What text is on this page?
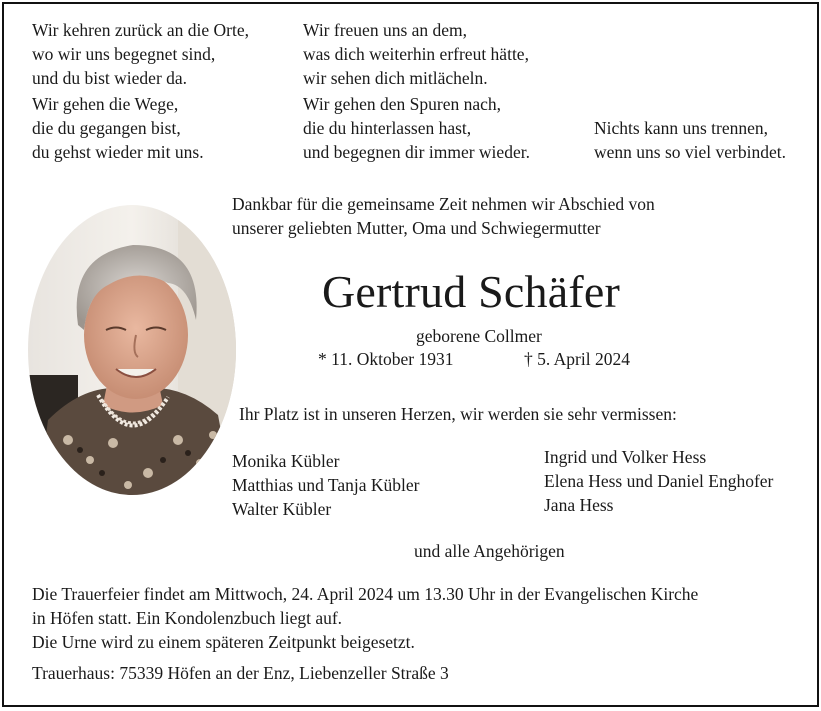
Wir kehren zurück an die Orte,
wo wir uns begegnet sind,
und du bist wieder da.
Wir freuen uns an dem,
was dich weiterhin erfreut hätte,
wir sehen dich mitlächeln.
Wir gehen die Wege,
die du gegangen bist,
du gehst wieder mit uns.
Wir gehen den Spuren nach,
die du hinterlassen hast,
und begegnen dir immer wieder.
Nichts kann uns trennen,
wenn uns so viel verbindet.
Dankbar für die gemeinsame Zeit nehmen wir Abschied von
unserer geliebten Mutter, Oma und Schwiegermutter
Gertrud Schäfer
geborene Collmer
* 11. Oktober 1931	† 5. April 2024
Ihr Platz ist in unseren Herzen, wir werden sie sehr vermissen:
Monika Kübler
Matthias und Tanja Kübler
Walter Kübler
Ingrid und Volker Hess
Elena Hess und Daniel Enghofer
Jana Hess
und alle Angehörigen
Die Trauerfeier findet am Mittwoch, 24. April 2024 um 13.30 Uhr in der Evangelischen Kirche
in Höfen statt. Ein Kondolenzbuch liegt auf.
Die Urne wird zu einem späteren Zeitpunkt beigesetzt.
Trauerhaus: 75339 Höfen an der Enz, Liebenzeller Straße 3
